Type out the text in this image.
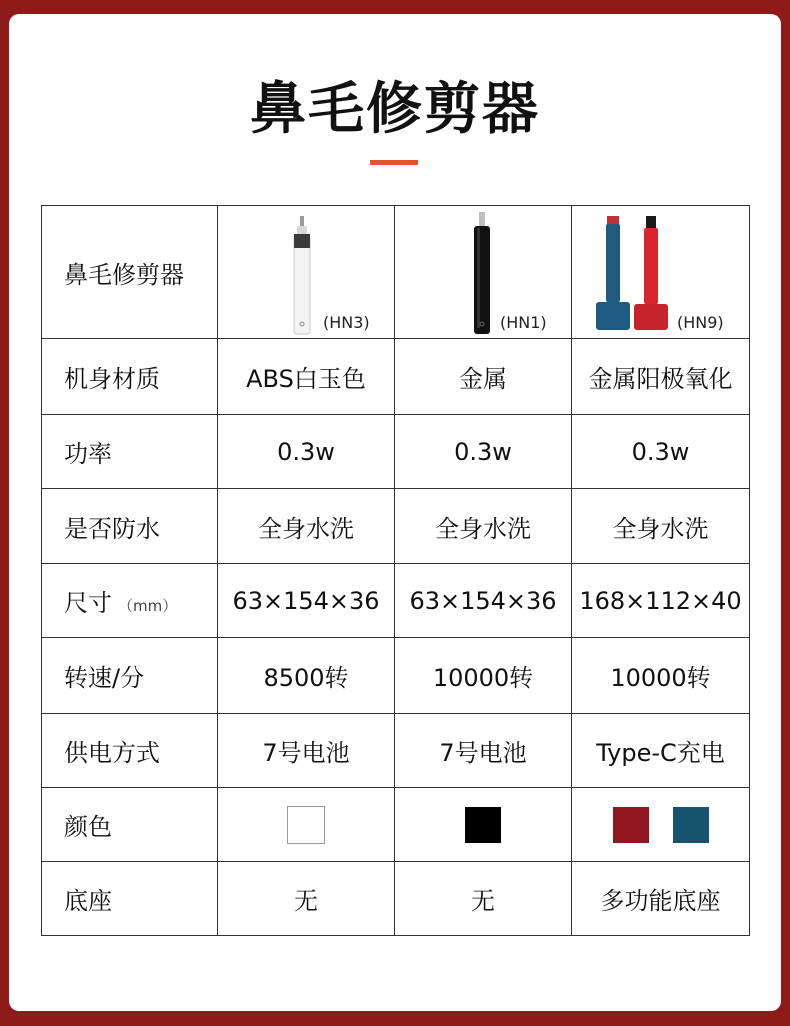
鼻毛修剪器
鼻毛修剪器	(HN3)	(HN1)	(HN9)

机身材质	ABS白玉色	金属	金属阳极氧化
功率	0.3w	0.3w	0.3w
是否防水	全身水洗	全身水洗	全身水洗
尺寸 （mm）	63×154×36	63×154×36	168×112×40
转速/分	8500转	10000转	10000转
供电方式	7号电池	7号电池	Type-C充电
颜色			
底座	无	无	多功能底座
